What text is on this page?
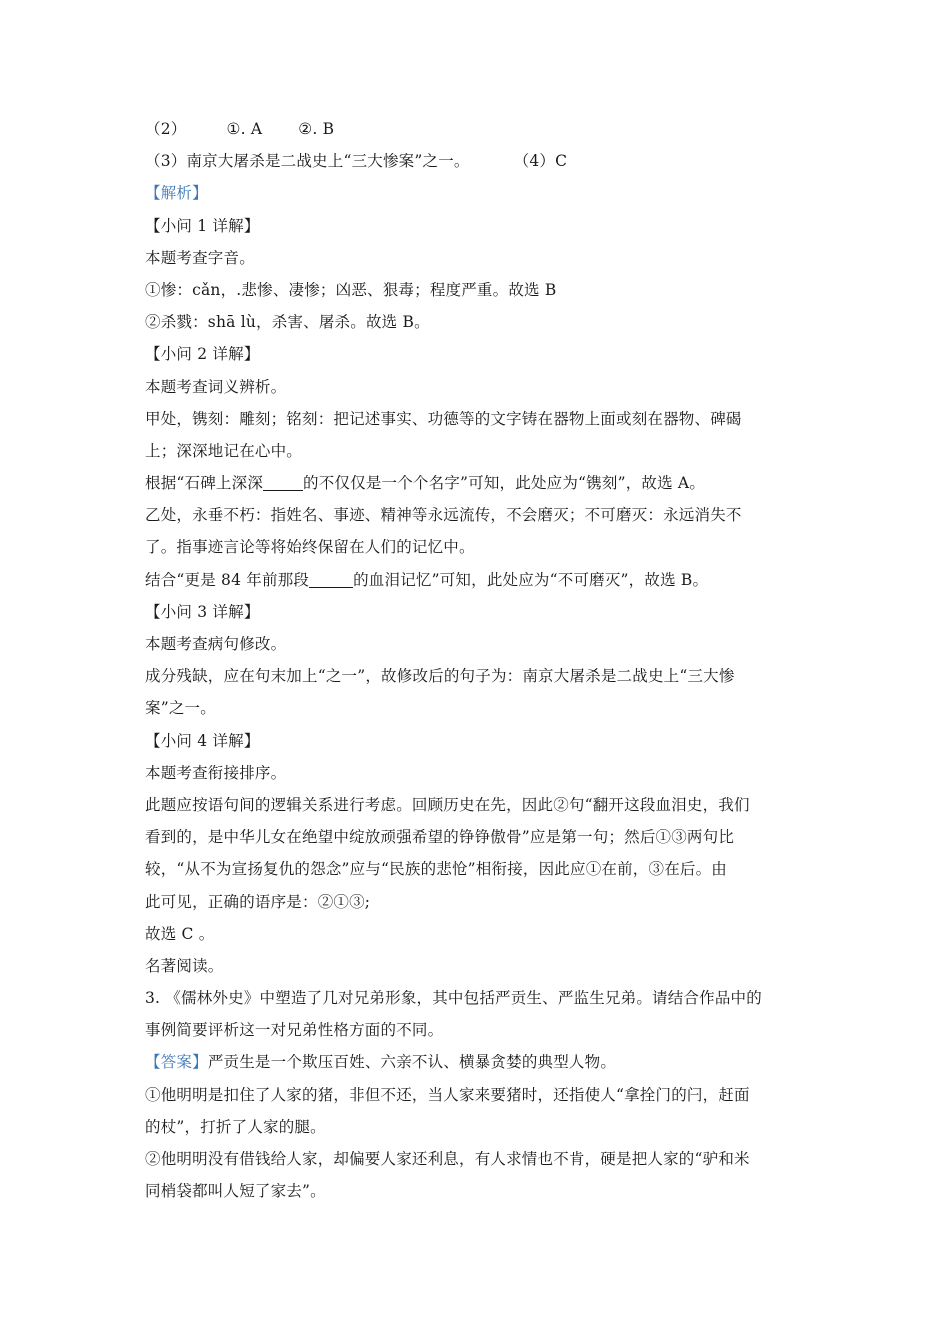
（2）	①. A ②. B
（3）南京大屠杀是二战史上“三大惨案”之一。	（4）C
【解析】
【小问 1 详解】
本题考查字音。
①惨：cǎn，.悲惨、凄惨；凶恶、狠毒；程度严重。故选 B
②杀戮：shā lù，杀害、屠杀。故选 B。
【小问 2 详解】
本题考查词义辨析。
甲处，镌刻：雕刻；铭刻：把记述事实、功德等的文字铸在器物上面或刻在器物、碑碣
上；深深地记在心中。
根据“石碑上深深	的不仅仅是一个个名字”可知，此处应为“镌刻”，故选 A。
乙处，永垂不朽：指姓名、事迹、精神等永远流传，不会磨灭；不可磨灭：永远消失不
了。指事迹言论等将始终保留在人们的记忆中。
结合“更是 84 年前那段	的血泪记忆”可知，此处应为“不可磨灭”，故选 B。
【小问 3 详解】
本题考查病句修改。
成分残缺，应在句末加上“之一”，故修改后的句子为：南京大屠杀是二战史上“三大惨
案”之一。
【小问 4 详解】
本题考查衔接排序。
此题应按语句间的逻辑关系进行考虑。回顾历史在先，因此②句“翻开这段血泪史，我们
看到的，是中华儿女在绝望中绽放顽强希望的铮铮傲骨”应是第一句；然后①③两句比
较，“从不为宣扬复仇的怨念”应与“民族的悲怆”相衔接，因此应①在前，③在后。由
此可见，正确的语序是：②①③;
故选 C 。
名著阅读。
3. 《儒林外史》中塑造了几对兄弟形象，其中包括严贡生、严监生兄弟。请结合作品中的
事例简要评析这一对兄弟性格方面的不同。
【答案】严贡生是一个欺压百姓、六亲不认、横暴贪婪的典型人物。
①他明明是扣住了人家的猪，非但不还，当人家来要猪时，还指使人“拿拴门的闩，赶面
的杖”，打折了人家的腿。
②他明明没有借钱给人家，却偏要人家还利息，有人求情也不肯，硬是把人家的“驴和米
同梢袋都叫人短了家去”。
